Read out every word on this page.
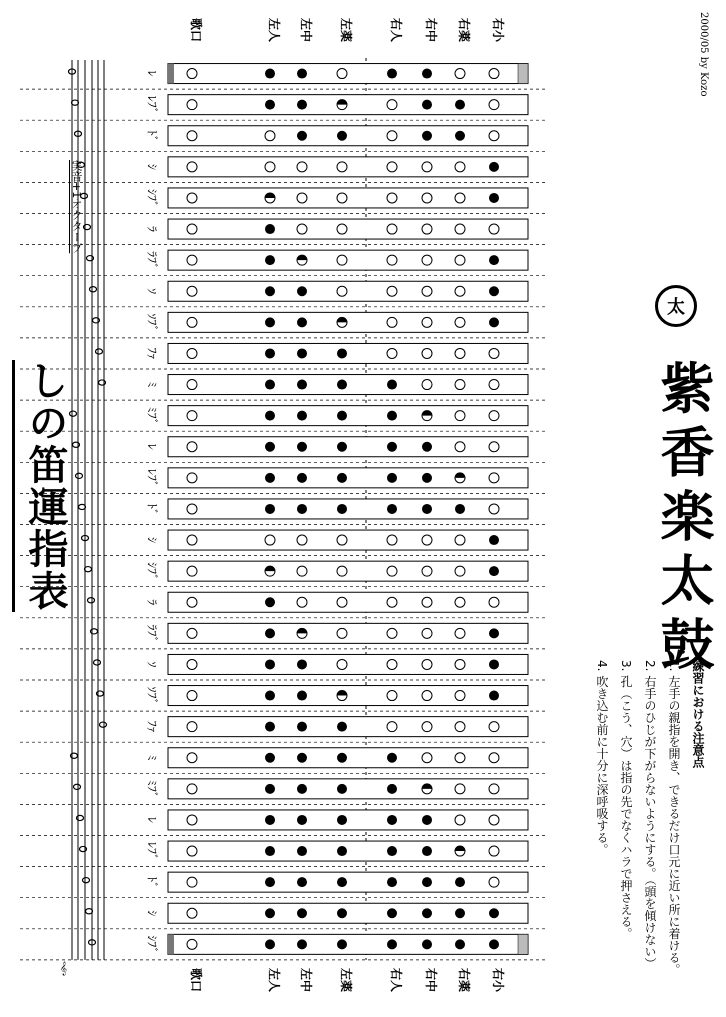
しの笛運指表
実音+1オクターブ
2000/05 by Kozo
紫香楽太鼓
太
練習における注意点
1. 左手の親指を開き、できるだけ口元に近い所に着ける。
2. 右手のひじが下がらないようにする。（頭を傾けない）
3. 孔（こう、穴）は指の先でなくハラで押さえる。
4. 吹き込む前に十分に深呼吸する。
𝄞
ﾚ
ﾚﾌﾞ
ﾄﾞ
ｼ
ｼﾌﾞ
ﾗ
ﾗﾌﾞ
ｿ
ｿﾌﾞ
ﾌｧ
ﾐ
ﾐﾌﾞ
ﾚ
ﾚﾌﾞ
ﾄﾞ
ｼ
ｼﾌﾞ
ﾗ
ﾗﾌﾞ
ｿ
ｿﾌﾞ
ﾌｧ
ﾐ
ﾐﾌﾞ
ﾚ
ﾚﾌﾞ
ﾄﾞ
ｼ
ｼﾌﾞ
歌口
歌口
左人
左人
左中
左中
左薬
左薬
右人
右人
右中
右中
右薬
右薬
右小
右小
